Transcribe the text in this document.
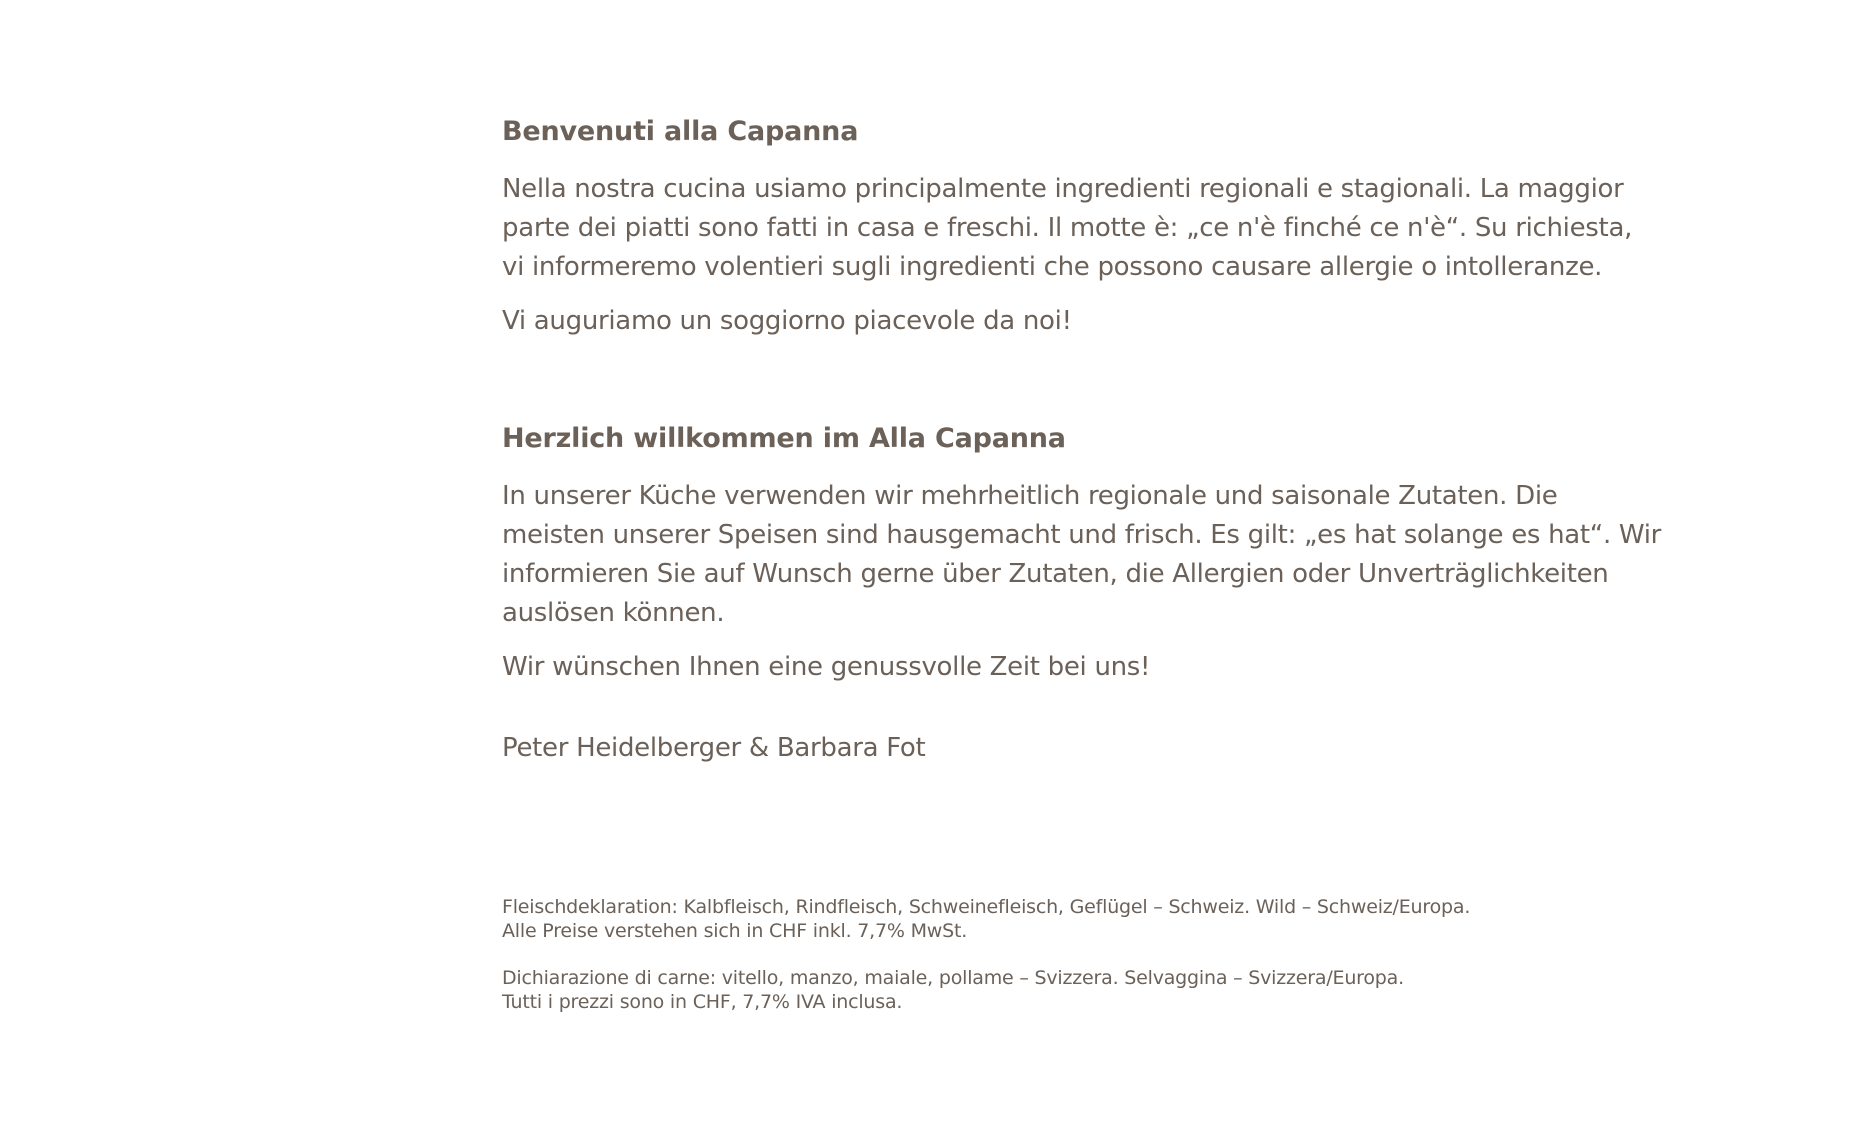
Benvenuti alla Capanna

Nella nostra cucina usiamo principalmente ingredienti regionali e stagionali. La maggior parte dei piatti sono fatti in casa e freschi. Il motte è: „ce n'è finché ce n'è“. Su richiesta, vi informeremo volentieri sugli ingredienti che possono causare allergie o intolleranze.

Vi auguriamo un soggiorno piacevole da noi!

Herzlich willkommen im Alla Capanna

In unserer Küche verwenden wir mehrheitlich regionale und saisonale Zutaten. Die meisten unserer Speisen sind hausgemacht und frisch. Es gilt: „es hat solange es hat“. Wir informieren Sie auf Wunsch gerne über Zutaten, die Allergien oder Unverträglichkeiten auslösen können.

Wir wünschen Ihnen eine genussvolle Zeit bei uns!

Peter Heidelberger & Barbara Fot

Fleischdeklaration: Kalbfleisch, Rindfleisch, Schweinefleisch, Geflügel – Schweiz. Wild – Schweiz/Europa.

Alle Preise verstehen sich in CHF inkl. 7,7% MwSt.

Dichiarazione di carne: vitello, manzo, maiale, pollame – Svizzera. Selvaggina – Svizzera/Europa.

Tutti i prezzi sono in CHF, 7,7% IVA inclusa.
